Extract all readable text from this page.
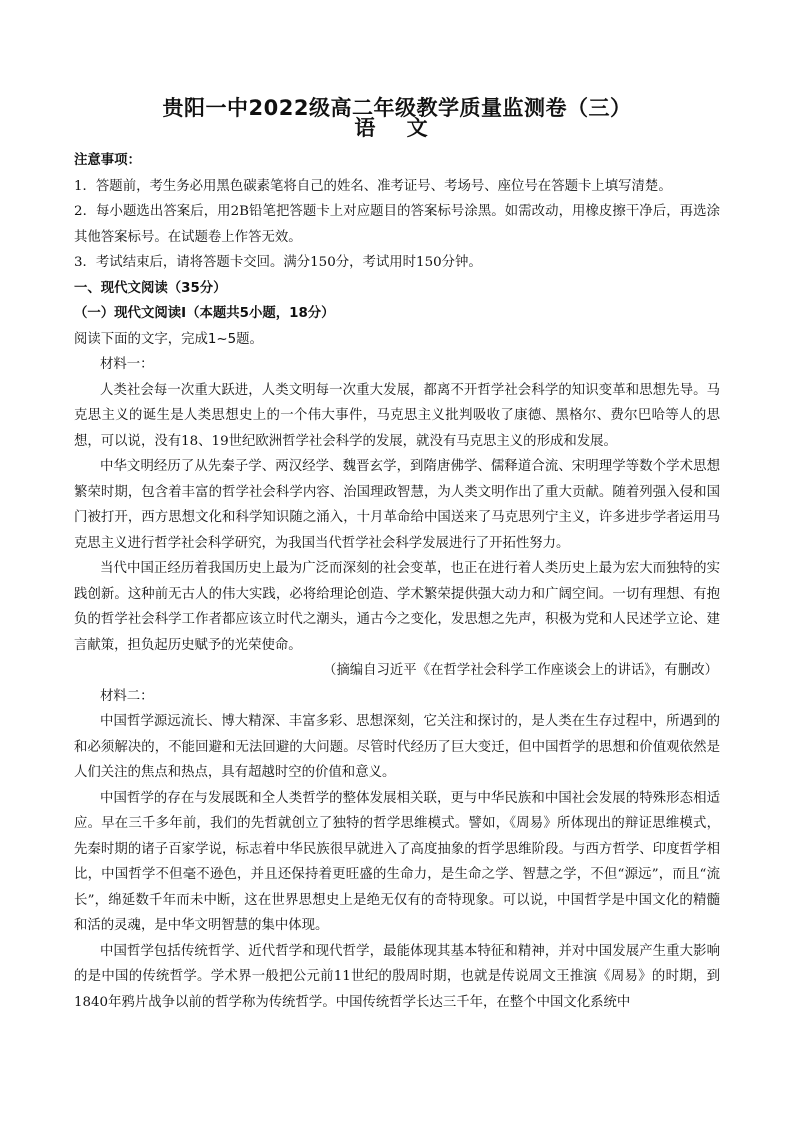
贵阳一中2022级高二年级教学质量监测卷（三）
语 文

注意事项：

1．答题前，考生务必用黑色碳素笔将自己的姓名、准考证号、考场号、座位号在答题卡上填写清楚。

2．每小题选出答案后，用2B铅笔把答题卡上对应题目的答案标号涂黑。如需改动，用橡皮擦干净后，再选涂其他答案标号。在试题卷上作答无效。

3．考试结束后，请将答题卡交回。满分150分，考试用时150分钟。

一、现代文阅读（35分）

（一）现代文阅读Ⅰ（本题共5小题，18分）

阅读下面的文字，完成1~5题。

材料一：

人类社会每一次重大跃进，人类文明每一次重大发展，都离不开哲学社会科学的知识变革和思想先导。马克思主义的诞生是人类思想史上的一个伟大事件，马克思主义批判吸收了康德、黑格尔、费尔巴哈等人的思想，可以说，没有18、19世纪欧洲哲学社会科学的发展，就没有马克思主义的形成和发展。

中华文明经历了从先秦子学、两汉经学、魏晋玄学，到隋唐佛学、儒释道合流、宋明理学等数个学术思想繁荣时期，包含着丰富的哲学社会科学内容、治国理政智慧，为人类文明作出了重大贡献。随着列强入侵和国门被打开，西方思想文化和科学知识随之涌入，十月革命给中国送来了马克思列宁主义，许多进步学者运用马克思主义进行哲学社会科学研究，为我国当代哲学社会科学发展进行了开拓性努力。

当代中国正经历着我国历史上最为广泛而深刻的社会变革，也正在进行着人类历史上最为宏大而独特的实践创新。这种前无古人的伟大实践，必将给理论创造、学术繁荣提供强大动力和广阔空间。一切有理想、有抱负的哲学社会科学工作者都应该立时代之潮头，通古今之变化，发思想之先声，积极为党和人民述学立论、建言献策，担负起历史赋予的光荣使命。

（摘编自习近平《在哲学社会科学工作座谈会上的讲话》，有删改）

材料二：

中国哲学源远流长、博大精深、丰富多彩、思想深刻，它关注和探讨的，是人类在生存过程中，所遇到的和必须解决的，不能回避和无法回避的大问题。尽管时代经历了巨大变迁，但中国哲学的思想和价值观依然是人们关注的焦点和热点，具有超越时空的价值和意义。

中国哲学的存在与发展既和全人类哲学的整体发展相关联，更与中华民族和中国社会发展的特殊形态相适应。早在三千多年前，我们的先哲就创立了独特的哲学思维模式。譬如，《周易》所体现出的辩证思维模式，先秦时期的诸子百家学说，标志着中华民族很早就进入了高度抽象的哲学思维阶段。与西方哲学、印度哲学相比，中国哲学不但毫不逊色，并且还保持着更旺盛的生命力，是生命之学、智慧之学，不但“源远”，而且“流长”，绵延数千年而未中断，这在世界思想史上是绝无仅有的奇特现象。可以说，中国哲学是中国文化的精髓和活的灵魂，是中华文明智慧的集中体现。

中国哲学包括传统哲学、近代哲学和现代哲学，最能体现其基本特征和精神，并对中国发展产生重大影响的是中国的传统哲学。学术界一般把公元前11世纪的殷周时期，也就是传说周文王推演《周易》的时期，到1840年鸦片战争以前的哲学称为传统哲学。中国传统哲学长达三千年，在整个中国文化系统中
